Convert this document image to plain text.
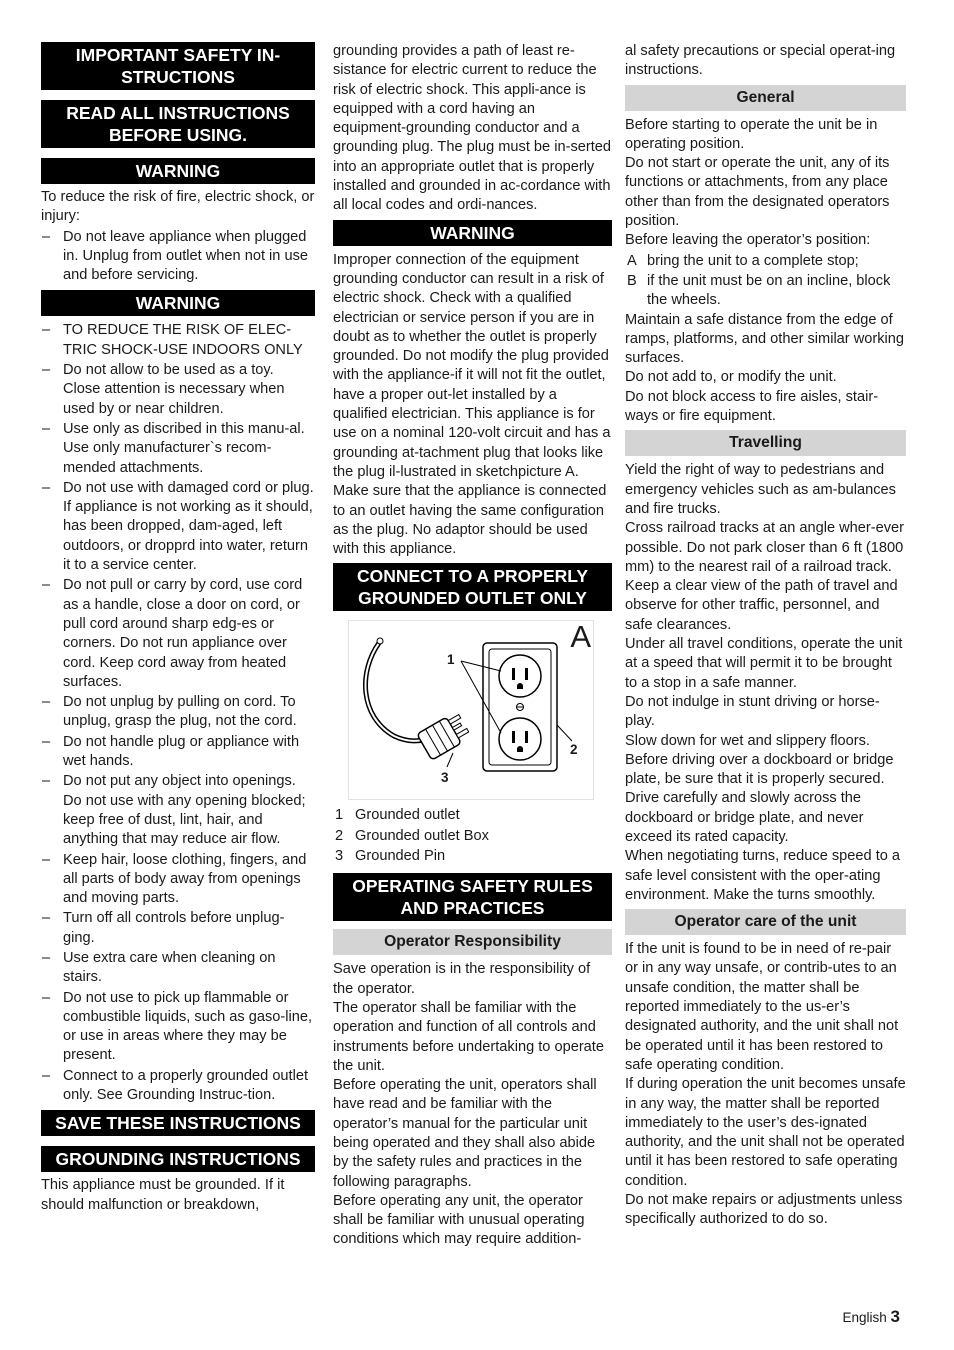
IMPORTANT SAFETY IN-STRUCTIONS
READ ALL INSTRUCTIONS BEFORE USING.
WARNING
To reduce the risk of fire, electric shock, or injury:
– Do not leave appliance when plugged in. Unplug from outlet when not in use and before servicing.
WARNING
– TO REDUCE THE RISK OF ELEC-TRIC SHOCK-USE INDOORS ONLY
– Do not allow to be used as a toy. Close attention is necessary when used by or near children.
– Use only as discribed in this manu-al. Use only manufacturer`s recom-mended attachments.
– Do not use with damaged cord or plug. If appliance is not working as it should, has been dropped, dam-aged, left outdoors, or dropprd into water, return it to a service center.
– Do not pull or carry by cord, use cord as a handle, close a door on cord, or pull cord around sharp edg-es or corners. Do not run appliance over cord. Keep cord away from heated surfaces.
– Do not unplug by pulling on cord. To unplug, grasp the plug, not the cord.
– Do not handle plug or appliance with wet hands.
– Do not put any object into openings. Do not use with any opening blocked; keep free of dust, lint, hair, and anything that may reduce air flow.
– Keep hair, loose clothing, fingers, and all parts of body away from openings and moving parts.
– Turn off all controls before unplug-ging.
– Use extra care when cleaning on stairs.
– Do not use to pick up flammable or combustible liquids, such as gaso-line, or use in areas where they may be present.
– Connect to a properly grounded outlet only. See Grounding Instruc-tion.
SAVE THESE INSTRUCTIONS
GROUNDING INSTRUCTIONS
This appliance must be grounded. If it should malfunction or breakdown,
grounding provides a path of least re-sistance for electric current to reduce the risk of electric shock. This appli-ance is equipped with a cord having an equipment-grounding conductor and a grounding plug. The plug must be in-serted into an appropriate outlet that is properly installed and grounded in ac-cordance with all local codes and ordi-nances.
WARNING
Improper connection of the equipment grounding conductor can result in a risk of electric shock. Check with a qualified electrician or service person if you are in doubt as to whether the outlet is properly grounded. Do not modify the plug provided with the appliance-if it will not fit the outlet, have a proper out-let installed by a qualified electrician. This appliance is for use on a nominal 120-volt circuit and has a grounding at-tachment plug that looks like the plug il-lustrated in sketchpicture A. Make sure that the appliance is connected to an outlet having the same configuration as the plug. No adaptor should be used with this appliance.
CONNECT TO A PROPERLY GROUNDED OUTLET ONLY
A
1
2
3
1 Grounded outlet
2 Grounded outlet Box
3 Grounded Pin
OPERATING SAFETY RULES AND PRACTICES
Operator Responsibility
Save operation is in the responsibility of the operator.
The operator shall be familiar with the operation and function of all controls and instruments before undertaking to operate the unit.
Before operating the unit, operators shall have read and be familiar with the operator’s manual for the particular unit being operated and they shall also abide by the safety rules and practices in the following paragraphs.
Before operating any unit, the operator shall be familiar with unusual operating conditions which may require addition-
al safety precautions or special operat-ing instructions.
General
Before starting to operate the unit be in operating position.
Do not start or operate the unit, any of its functions or attachments, from any place other than from the designated operators position.
Before leaving the operator’s position:
A bring the unit to a complete stop;
B if the unit must be on an incline, block the wheels.
Maintain a safe distance from the edge of ramps, platforms, and other similar working surfaces.
Do not add to, or modify the unit.
Do not block access to fire aisles, stair-ways or fire equipment.
Travelling
Yield the right of way to pedestrians and emergency vehicles such as am-bulances and fire trucks.
Cross railroad tracks at an angle wher-ever possible. Do not park closer than 6 ft (1800 mm) to the nearest rail of a railroad track.
Keep a clear view of the path of travel and observe for other traffic, personnel, and safe clearances.
Under all travel conditions, operate the unit at a speed that will permit it to be brought to a stop in a safe manner.
Do not indulge in stunt driving or horse-play.
Slow down for wet and slippery floors.
Before driving over a dockboard or bridge plate, be sure that it is properly secured. Drive carefully and slowly across the dockboard or bridge plate, and never exceed its rated capacity.
When negotiating turns, reduce speed to a safe level consistent with the oper-ating environment. Make the turns smoothly.
Operator care of the unit
If the unit is found to be in need of re-pair or in any way unsafe, or contrib-utes to an unsafe condition, the matter shall be reported immediately to the us-er’s designated authority, and the unit shall not be operated until it has been restored to safe operating condition.
If during operation the unit becomes unsafe in any way, the matter shall be reported immediately to the user’s des-ignated authority, and the unit shall not be operated until it has been restored to safe operating condition.
Do not make repairs or adjustments unless specifically authorized to do so.
English 3
